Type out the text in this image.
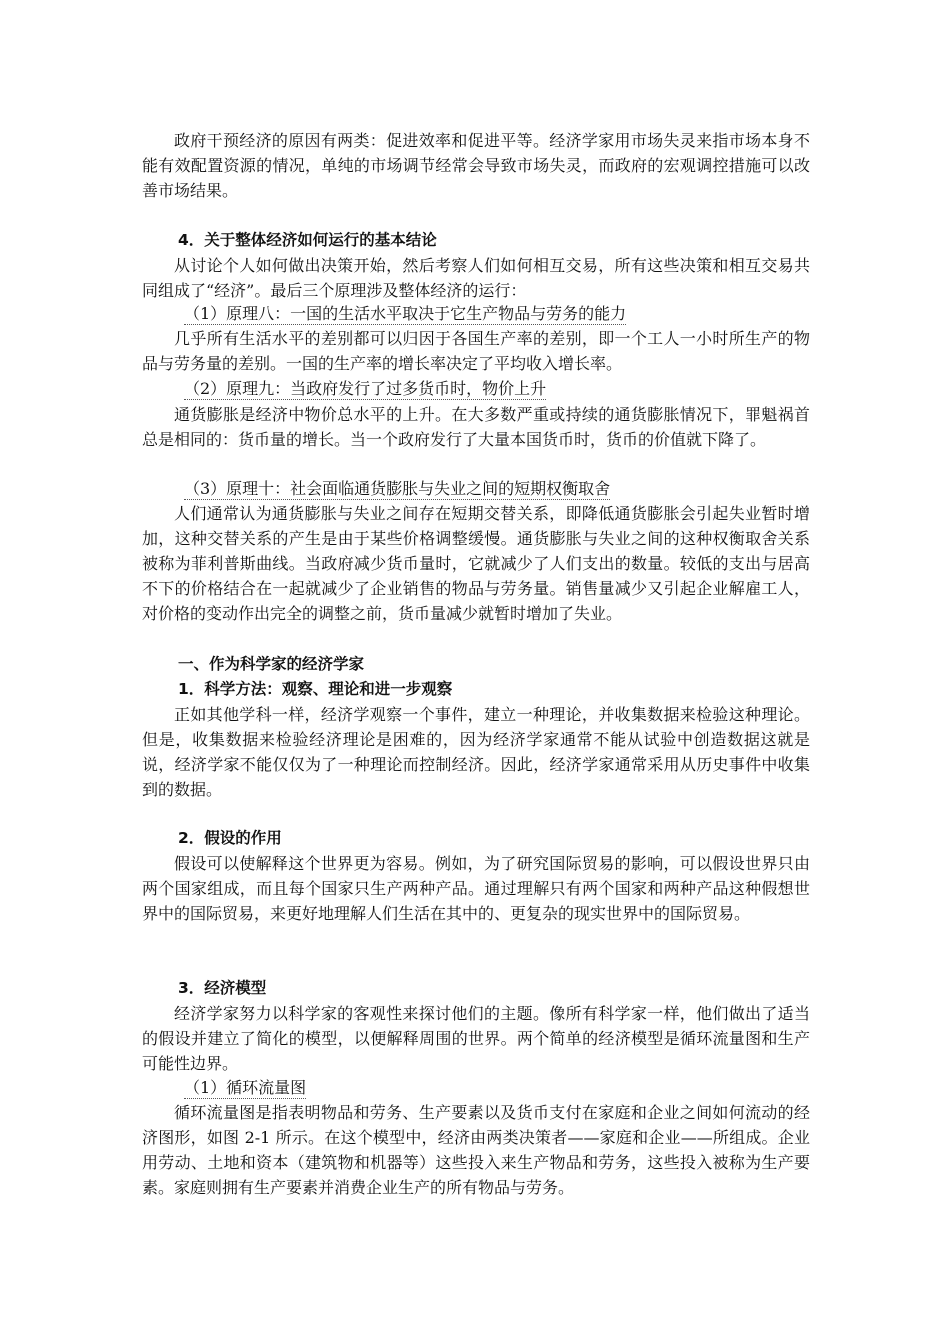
政府干预经济的原因有两类：促进效率和促进平等。经济学家用市场失灵来指市场本身不能有效配置资源的情况，单纯的市场调节经常会导致市场失灵，而政府的宏观调控措施可以改善市场结果。

4．关于整体经济如何运行的基本结论

从讨论个人如何做出决策开始，然后考察人们如何相互交易，所有这些决策和相互交易共同组成了“经济”。最后三个原理涉及整体经济的运行：

（1）原理八：一国的生活水平取决于它生产物品与劳务的能力

几乎所有生活水平的差别都可以归因于各国生产率的差别，即一个工人一小时所生产的物品与劳务量的差别。一国的生产率的增长率决定了平均收入增长率。

（2）原理九：当政府发行了过多货币时，物价上升

通货膨胀是经济中物价总水平的上升。在大多数严重或持续的通货膨胀情况下，罪魁祸首总是相同的：货币量的增长。当一个政府发行了大量本国货币时，货币的价值就下降了。

（3）原理十：社会面临通货膨胀与失业之间的短期权衡取舍

人们通常认为通货膨胀与失业之间存在短期交替关系，即降低通货膨胀会引起失业暂时增加，这种交替关系的产生是由于某些价格调整缓慢。通货膨胀与失业之间的这种权衡取舍关系被称为菲利普斯曲线。当政府减少货币量时，它就减少了人们支出的数量。较低的支出与居高不下的价格结合在一起就减少了企业销售的物品与劳务量。销售量减少又引起企业解雇工人，对价格的变动作出完全的调整之前，货币量减少就暂时增加了失业。

一、作为科学家的经济学家

1．科学方法：观察、理论和进一步观察

正如其他学科一样，经济学观察一个事件，建立一种理论，并收集数据来检验这种理论。但是，收集数据来检验经济理论是困难的，因为经济学家通常不能从试验中创造数据这就是说，经济学家不能仅仅为了一种理论而控制经济。因此，经济学家通常采用从历史事件中收集到的数据。

2．假设的作用

假设可以使解释这个世界更为容易。例如，为了研究国际贸易的影响，可以假设世界只由两个国家组成，而且每个国家只生产两种产品。通过理解只有两个国家和两种产品这种假想世界中的国际贸易，来更好地理解人们生活在其中的、更复杂的现实世界中的国际贸易。

3．经济模型

经济学家努力以科学家的客观性来探讨他们的主题。像所有科学家一样，他们做出了适当的假设并建立了简化的模型，以便解释周围的世界。两个简单的经济模型是循环流量图和生产可能性边界。

（1）循环流量图

循环流量图是指表明物品和劳务、生产要素以及货币支付在家庭和企业之间如何流动的经济图形，如图 2-1 所示。在这个模型中，经济由两类决策者——家庭和企业——所组成。企业用劳动、土地和资本（建筑物和机器等）这些投入来生产物品和劳务，这些投入被称为生产要素。家庭则拥有生产要素并消费企业生产的所有物品与劳务。
